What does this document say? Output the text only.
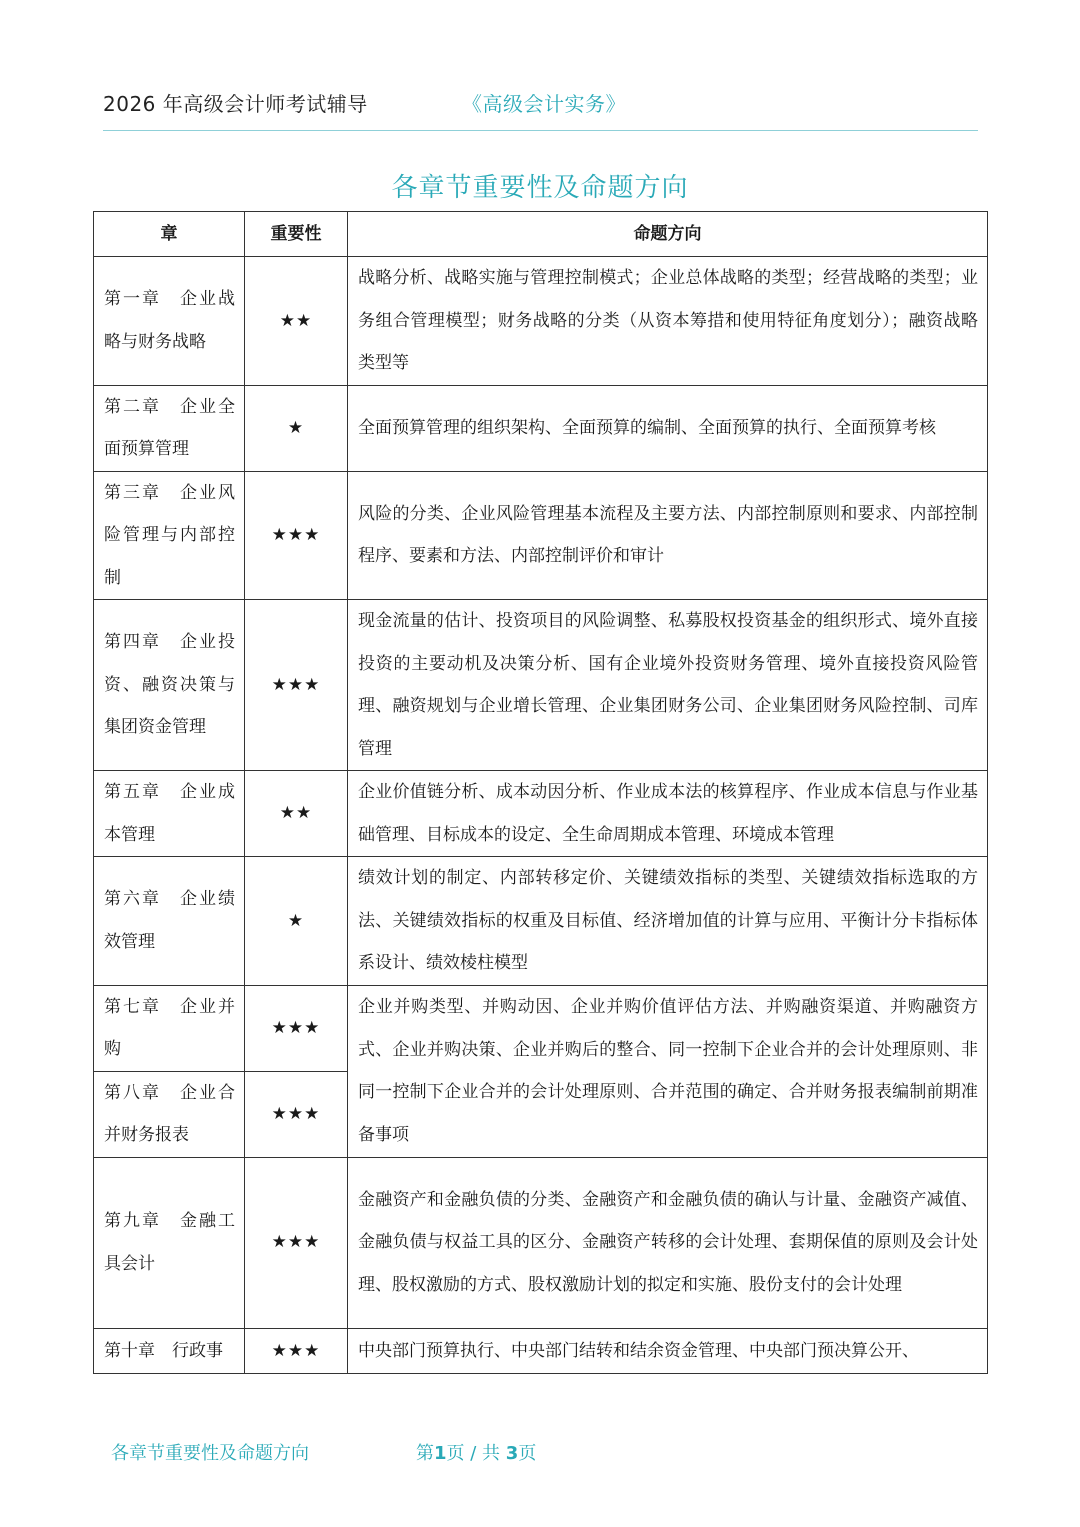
2026 年高级会计师考试辅导	《高级会计实务》
各章节重要性及命题方向
章	重要性	命题方向
第一章　企业战略与财务战略	★★	战略分析、战略实施与管理控制模式；企业总体战略的类型；经营战略的类型；业务组合管理模型；财务战略的分类（从资本筹措和使用特征角度划分）；融资战略类型等
第二章　企业全面预算管理	★	全面预算管理的组织架构、全面预算的编制、全面预算的执行、全面预算考核
第三章　企业风险管理与内部控制	★★★	风险的分类、企业风险管理基本流程及主要方法、内部控制原则和要求、内部控制程序、要素和方法、内部控制评价和审计
第四章　企业投资、融资决策与集团资金管理	★★★	现金流量的估计、投资项目的风险调整、私募股权投资基金的组织形式、境外直接投资的主要动机及决策分析、国有企业境外投资财务管理、境外直接投资风险管理、融资规划与企业增长管理、企业集团财务公司、企业集团财务风险控制、司库管理
第五章　企业成本管理	★★	企业价值链分析、成本动因分析、作业成本法的核算程序、作业成本信息与作业基础管理、目标成本的设定、全生命周期成本管理、环境成本管理
第六章　企业绩效管理	★	绩效计划的制定、内部转移定价、关键绩效指标的类型、关键绩效指标选取的方法、关键绩效指标的权重及目标值、经济增加值的计算与应用、平衡计分卡指标体系设计、绩效棱柱模型
第七章　企业并购	★★★	企业并购类型、并购动因、企业并购价值评估方法、并购融资渠道、并购融资方式、企业并购决策、企业并购后的整合、同一控制下企业合并的会计处理原则、非同一控制下企业合并的会计处理原则、合并范围的确定、合并财务报表编制前期准备事项
第八章　企业合并财务报表	★★★	
第九章　金融工具会计	★★★	金融资产和金融负债的分类、金融资产和金融负债的确认与计量、金融资产减值、金融负债与权益工具的区分、金融资产转移的会计处理、套期保值的原则及会计处理、股权激励的方式、股权激励计划的拟定和实施、股份支付的会计处理
第十章　行政事	★★★	中央部门预算执行、中央部门结转和结余资金管理、中央部门预决算公开、
各章节重要性及命题方向	第1页 / 共 3页
